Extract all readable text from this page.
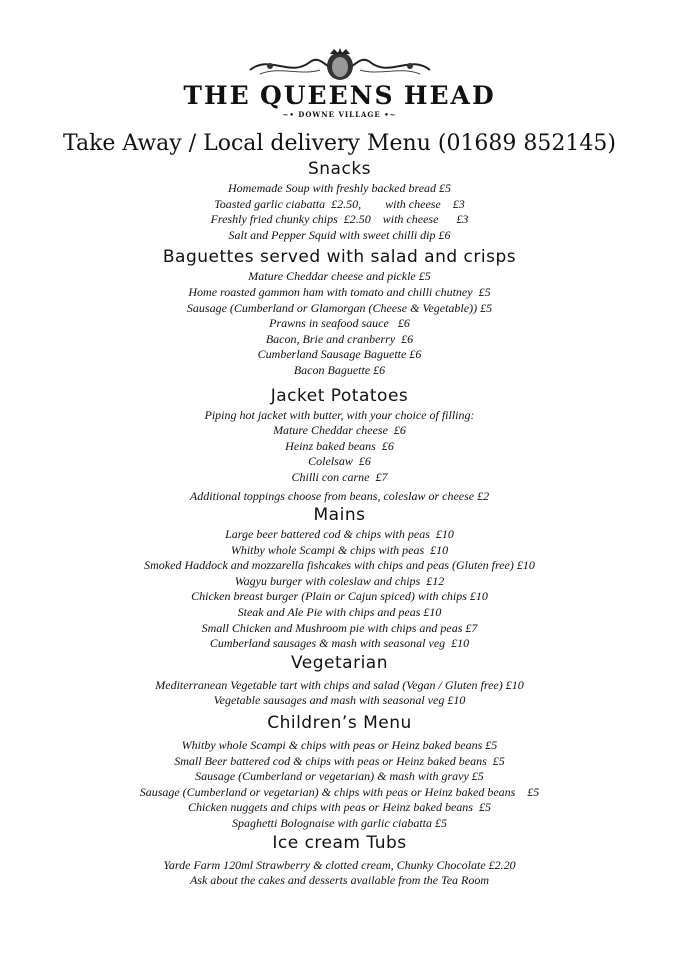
THE QUEENS HEAD
~• DOWNE VILLAGE •~
Take Away / Local delivery Menu (01689 852145)
Snacks
Homemade Soup with freshly backed bread £5
Toasted garlic ciabatta  £2.50,        with cheese    £3
Freshly fried chunky chips  £2.50    with cheese      £3
Salt and Pepper Squid with sweet chilli dip £6
Baguettes served with salad and crisps
Mature Cheddar cheese and pickle £5
Home roasted gammon ham with tomato and chilli chutney  £5
Sausage (Cumberland or Glamorgan (Cheese & Vegetable)) £5
Prawns in seafood sauce   £6
Bacon, Brie and cranberry  £6
Cumberland Sausage Baguette £6
Bacon Baguette £6
Jacket Potatoes
Piping hot jacket with butter, with your choice of filling:
Mature Cheddar cheese  £6
Heinz baked beans  £6
Colelsaw  £6
Chilli con carne  £7
Additional toppings choose from beans, coleslaw or cheese £2
Mains
Large beer battered cod & chips with peas  £10
Whitby whole Scampi & chips with peas  £10
Smoked Haddock and mozzarella fishcakes with chips and peas (Gluten free) £10
Wagyu burger with coleslaw and chips  £12
Chicken breast burger (Plain or Cajun spiced) with chips £10
Steak and Ale Pie with chips and peas £10
Small Chicken and Mushroom pie with chips and peas £7
Cumberland sausages & mash with seasonal veg  £10
Vegetarian
Mediterranean Vegetable tart with chips and salad (Vegan / Gluten free) £10
Vegetable sausages and mash with seasonal veg £10
Children’s Menu
Whitby whole Scampi & chips with peas or Heinz baked beans £5
Small Beer battered cod & chips with peas or Heinz baked beans  £5
Sausage (Cumberland or vegetarian) & mash with gravy £5
Sausage (Cumberland or vegetarian) & chips with peas or Heinz baked beans    £5
Chicken nuggets and chips with peas or Heinz baked beans  £5
Spaghetti Bolognaise with garlic ciabatta £5
Ice cream Tubs
Yarde Farm 120ml Strawberry & clotted cream, Chunky Chocolate £2.20
Ask about the cakes and desserts available from the Tea Room
